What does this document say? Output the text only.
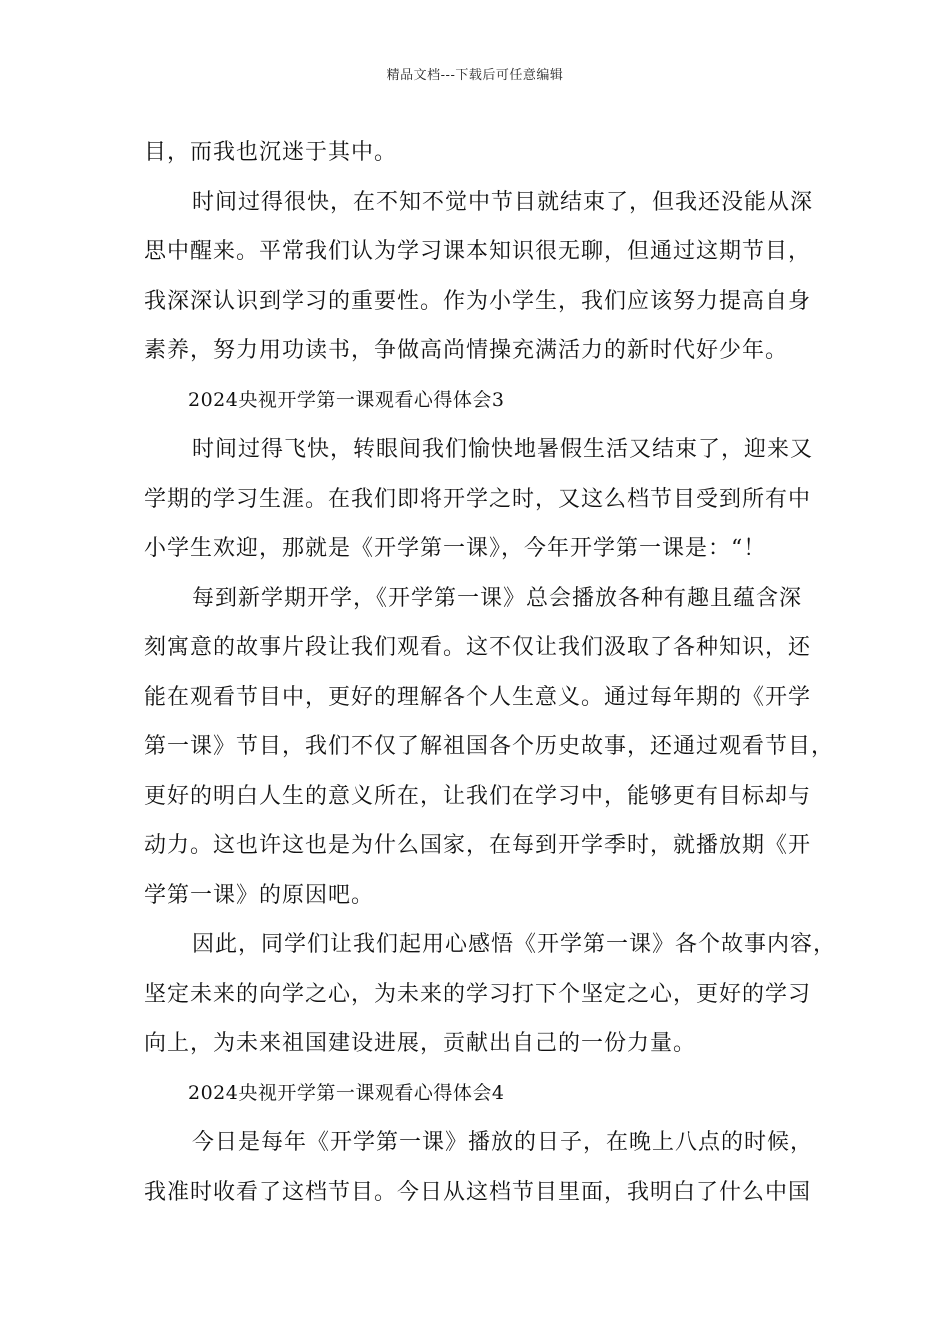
精品文档---下载后可任意编辑
目，而我也沉迷于其中。
时间过得很快，在不知不觉中节目就结束了，但我还没能从深
思中醒来。平常我们认为学习课本知识很无聊，但通过这期节目，
我深深认识到学习的重要性。作为小学生，我们应该努力提高自身
素养，努力用功读书，争做高尚情操充满活力的新时代好少年。
2024央视开学第一课观看心得体会3
时间过得飞快，转眼间我们愉快地暑假生活又结束了，迎来又
学期的学习生涯。在我们即将开学之时，又这么档节目受到所有中
小学生欢迎，那就是《开学第一课》，今年开学第一课是：“！
每到新学期开学，《开学第一课》总会播放各种有趣且蕴含深
刻寓意的故事片段让我们观看。这不仅让我们汲取了各种知识，还
能在观看节目中，更好的理解各个人生意义。通过每年期的《开学
第一课》节目，我们不仅了解祖国各个历史故事，还通过观看节目，
更好的明白人生的意义所在，让我们在学习中，能够更有目标却与
动力。这也许这也是为什么国家，在每到开学季时，就播放期《开
学第一课》的原因吧。
因此，同学们让我们起用心感悟《开学第一课》各个故事内容，
坚定未来的向学之心，为未来的学习打下个坚定之心，更好的学习
向上，为未来祖国建设进展，贡献出自己的一份力量。
2024央视开学第一课观看心得体会4
今日是每年《开学第一课》播放的日子，在晚上八点的时候，
我准时收看了这档节目。今日从这档节目里面，我明白了什么中国
